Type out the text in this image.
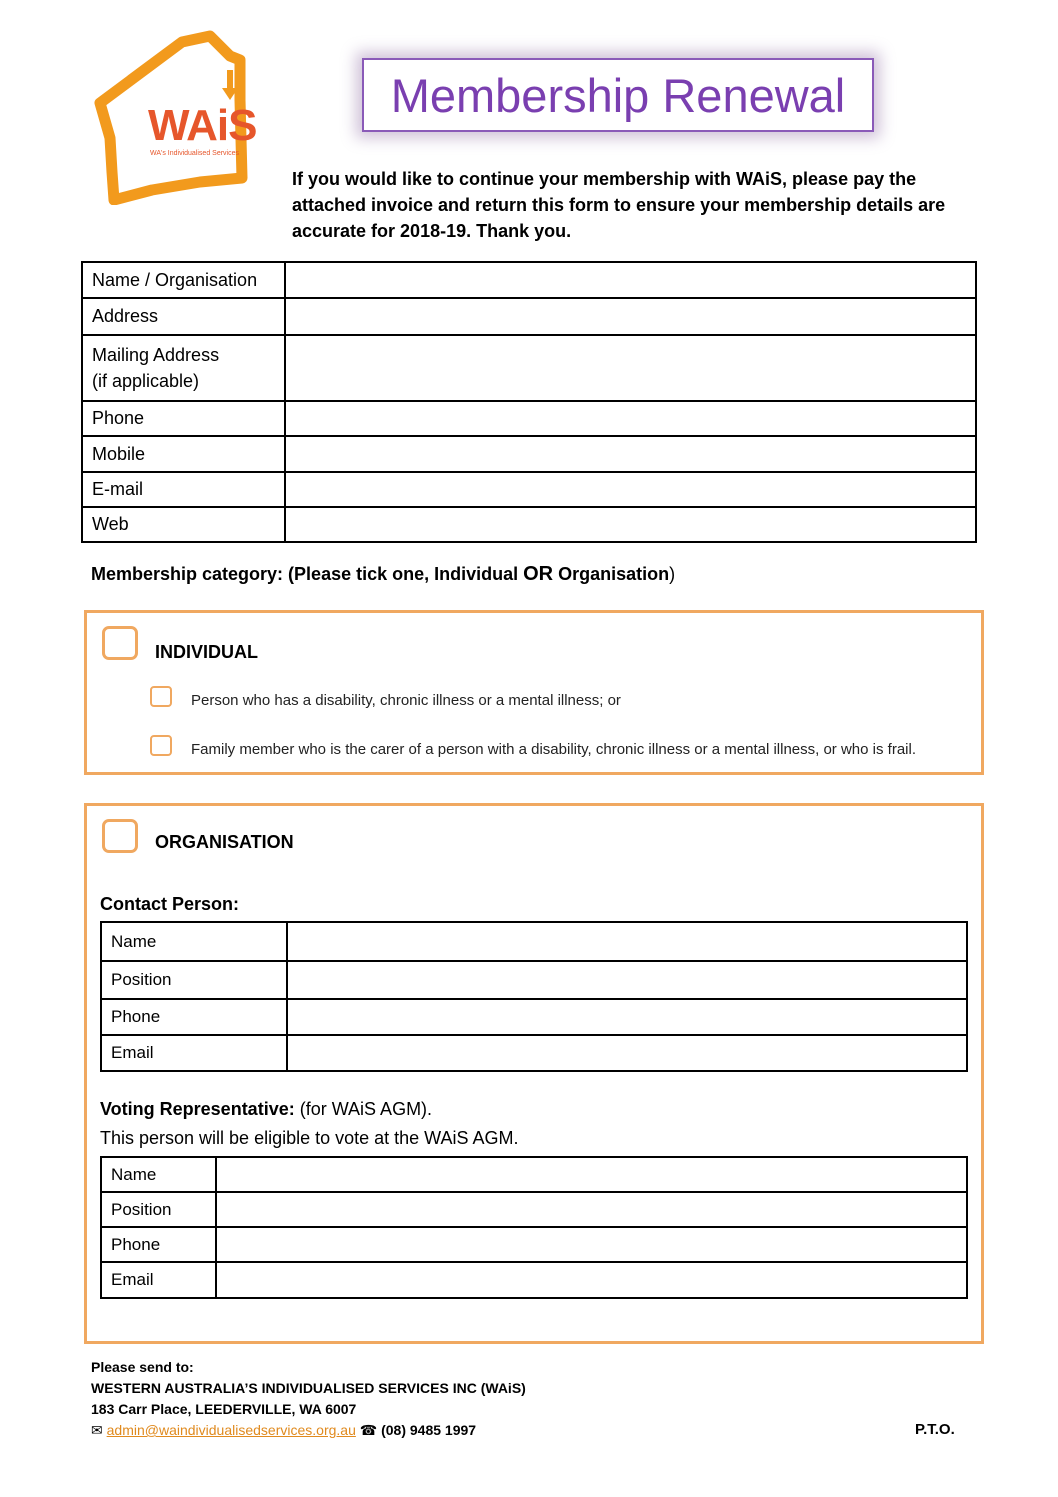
WAiS
WA's Individualised Services
Membership Renewal
If you would like to continue your membership with WAiS, please pay the attached invoice and return this form to ensure your membership details are accurate for 2018-19. Thank you.
Name / Organisation	
Address	
Mailing Address
(if applicable)	
Phone	
Mobile	
E-mail	
Web	
Membership category: (Please tick one, Individual OR Organisation)
INDIVIDUAL
Person who has a disability, chronic illness or a mental illness; or
Family member who is the carer of a person with a disability, chronic illness or a mental illness, or who is frail.
ORGANISATION
Contact Person:
Name	
Position	
Phone	
Email	
Voting Representative: (for WAiS AGM).
This person will be eligible to vote at the WAiS AGM.
Name	
Position	
Phone	
Email	
Please send to:
WESTERN AUSTRALIA’S INDIVIDUALISED SERVICES INC (WAiS)
183 Carr Place, LEEDERVILLE, WA 6007
✉ admin@waindividualisedservices.org.au ☎ (08) 9485 1997	P.T.O.
